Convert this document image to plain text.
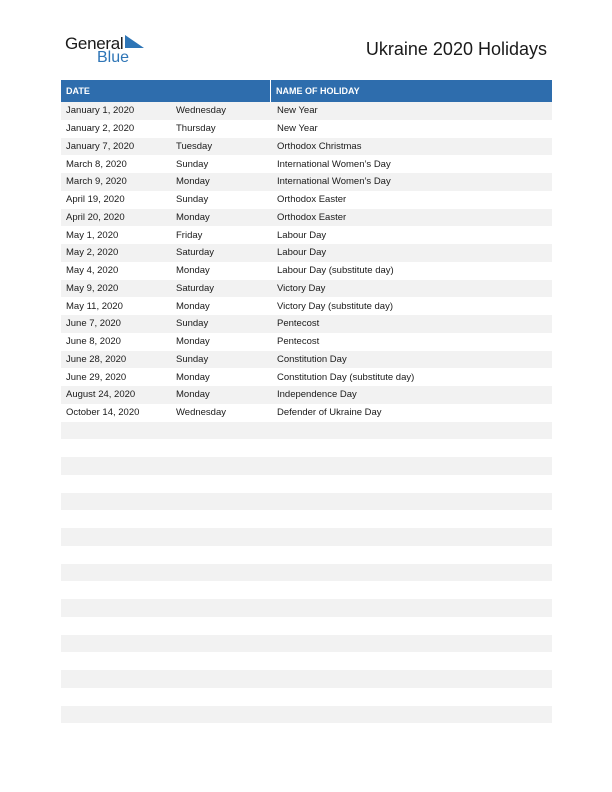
General
Blue	Ukraine 2020 Holidays
DATE	NAME OF HOLIDAY
January 1, 2020	Wednesday	New Year
January 2, 2020	Thursday	New Year
January 7, 2020	Tuesday	Orthodox Christmas
March 8, 2020	Sunday	International Women’s Day
March 9, 2020	Monday	International Women’s Day
April 19, 2020	Sunday	Orthodox Easter
April 20, 2020	Monday	Orthodox Easter
May 1, 2020	Friday	Labour Day
May 2, 2020	Saturday	Labour Day
May 4, 2020	Monday	Labour Day (substitute day)
May 9, 2020	Saturday	Victory Day
May 11, 2020	Monday	Victory Day (substitute day)
June 7, 2020	Sunday	Pentecost
June 8, 2020	Monday	Pentecost
June 28, 2020	Sunday	Constitution Day
June 29, 2020	Monday	Constitution Day (substitute day)
August 24, 2020	Monday	Independence Day
October 14, 2020	Wednesday	Defender of Ukraine Day
